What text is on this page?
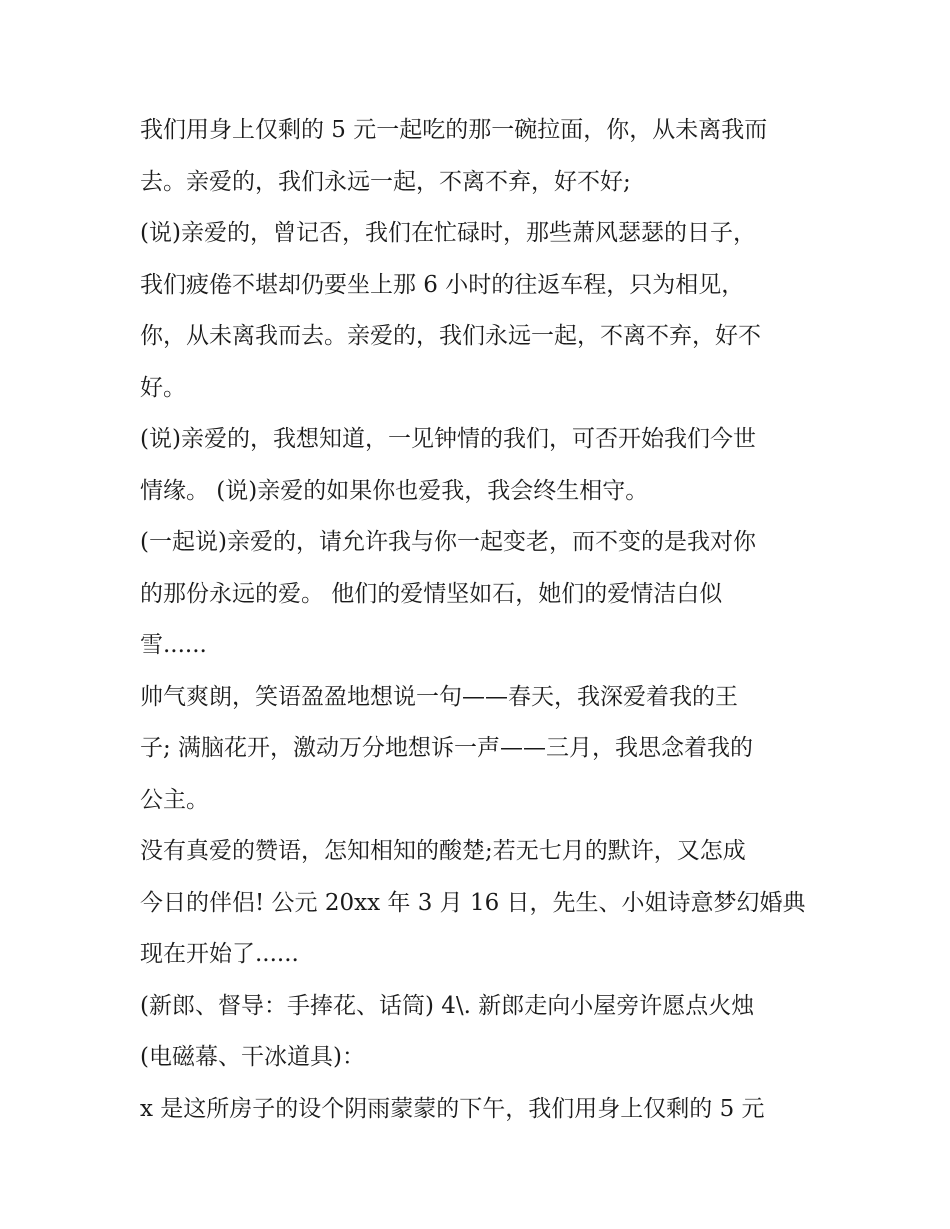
我们用身上仅剩的 5 元一起吃的那一碗拉面，你，从未离我而
去。亲爱的，我们永远一起，不离不弃，好不好;
(说)亲爱的，曾记否，我们在忙碌时，那些萧风瑟瑟的日子，
我们疲倦不堪却仍要坐上那 6 小时的往返车程，只为相见，
你，从未离我而去。亲爱的，我们永远一起，不离不弃，好不
好。
(说)亲爱的，我想知道，一见钟情的我们，可否开始我们今世
情缘。 (说)亲爱的如果你也爱我，我会终生相守。
(一起说)亲爱的，请允许我与你一起变老，而不变的是我对你
的那份永远的爱。 他们的爱情坚如石，她们的爱情洁白似
雪......
帅气爽朗，笑语盈盈地想说一句——春天，我深爱着我的王
子; 满脑花开，激动万分地想诉一声——三月，我思念着我的
公主。
没有真爱的赞语，怎知相知的酸楚;若无七月的默许，又怎成
今日的伴侣! 公元 20xx 年 3 月 16 日，先生、小姐诗意梦幻婚典
现在开始了......
(新郎、督导：手捧花、话筒) 4\. 新郎走向小屋旁许愿点火烛
(电磁幕、干冰道具)：
x 是这所房子的设个阴雨蒙蒙的下午，我们用身上仅剩的 5 元
